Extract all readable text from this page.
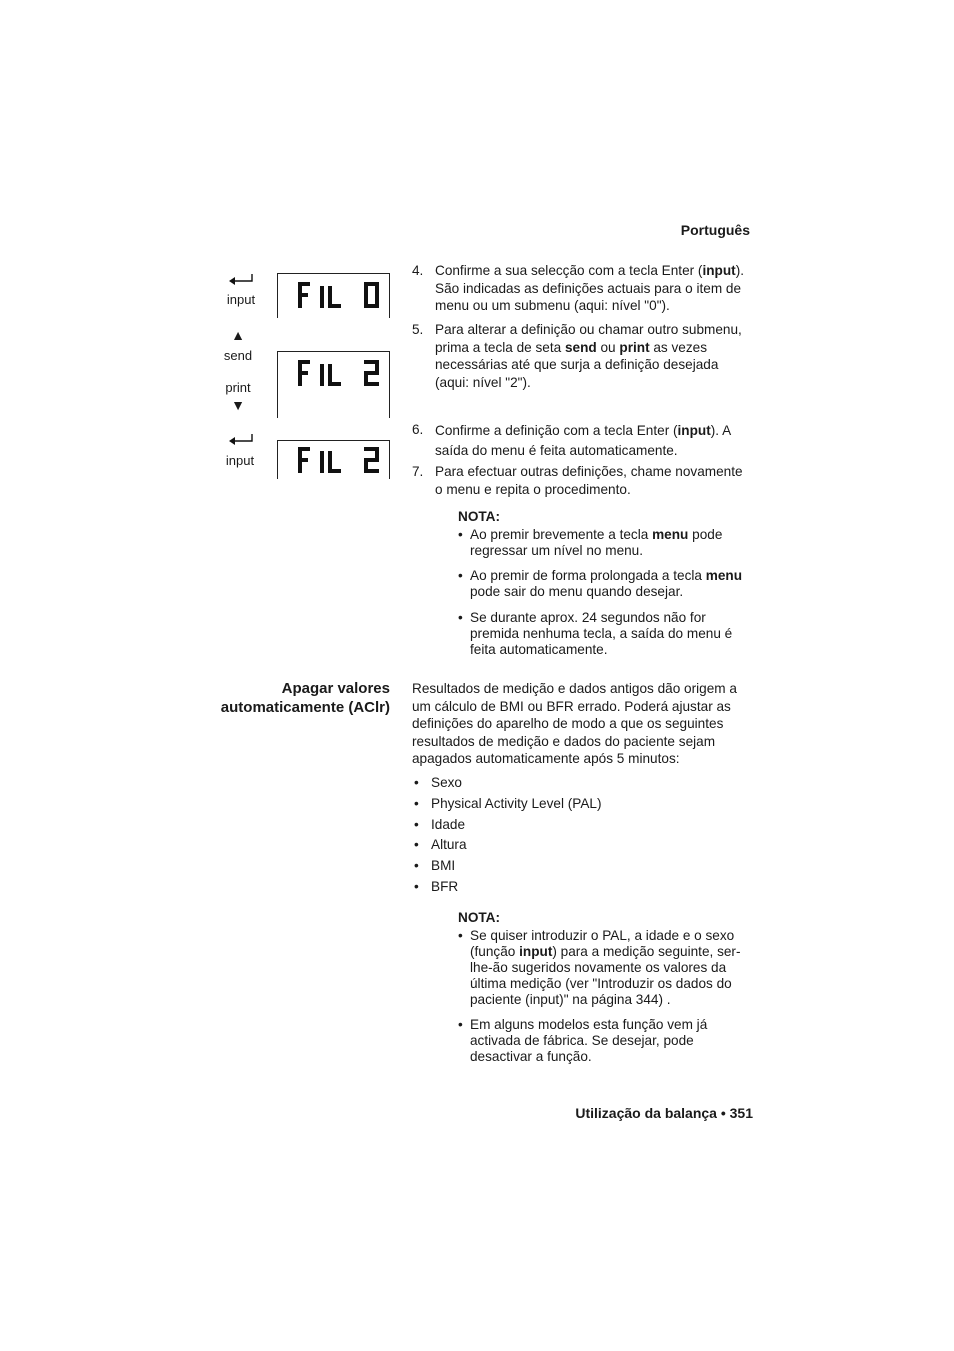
Português
input
▲
send
print
▼
input
4. Confirme a sua selecção com a tecla Enter (input). São indicadas as definições actuais para o item de menu ou um submenu (aqui: nível "0").
5. Para alterar a definição ou chamar outro submenu, prima a tecla de seta send ou print as vezes necessárias até que surja a definição desejada (aqui: nível "2").
6. Confirme a definição com a tecla Enter (input). A saída do menu é feita automaticamente.
7. Para efectuar outras definições, chame novamente o menu e repita o procedimento.
NOTA:
• Ao premir brevemente a tecla menu pode regressar um nível no menu.
• Ao premir de forma prolongada a tecla menu pode sair do menu quando desejar.
• Se durante aprox. 24 segundos não for premida nenhuma tecla, a saída do menu é feita automaticamente.
Apagar valores
automaticamente (AClr)
Resultados de medição e dados antigos dão origem a um cálculo de BMI ou BFR errado. Poderá ajustar as definições do aparelho de modo a que os seguintes resultados de medição e dados do paciente sejam apagados automaticamente após 5 minutos:
• Sexo
• Physical Activity Level (PAL)
• Idade
• Altura
• BMI
• BFR
NOTA:
• Se quiser introduzir o PAL, a idade e o sexo (função input) para a medição seguinte, ser-lhe-ão sugeridos novamente os valores da última medição (ver "Introduzir os dados do paciente (input)" na página 344) .
• Em alguns modelos esta função vem já activada de fábrica. Se desejar, pode desactivar a função.
Utilização da balança • 351
